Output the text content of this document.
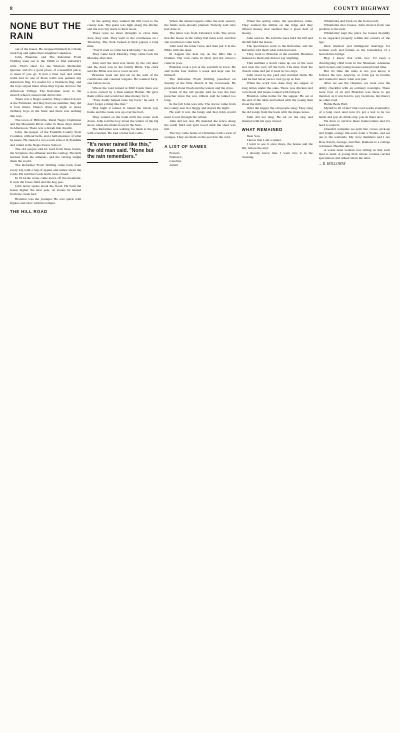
8	COUNTY HIGHWAY
NONE BUT THE RAIN

out of the house. He wrapped himself in a blank rural bag and quilted her daughter's skeleton.

John, Brandon, and The Reformer From Walling went out to the 1960s to find Zebulon's wife. That's short for the Western Methodist Quarter, and it's a good place, if a beautiful place, to meet if you go. It had a blue roof and white walls and no one of those walls was painted any American flag. It's useful for a Northern flag, and the boys stayed there when they'd gone down to the Afternoon Village. The Reformer went to the church when it started and did its dirt.

There was a Negro quarter. They called it down at the Fairmont, and they had one summer, they did it four times. There's three or eight or more birthday boys in the State and there was nothing that was.

The town of Hillsville, Rural Negro Dominion and the Mountain River came in those days. Rains in Afternoon. There was a dream that dreamt.

John, the keeper of the Franklin County State Counties, without bells, and a half-measure of what he knew. He started a two-room school in Franklin and called it the Negro Peace School.

The old people said he read from three books, the Scripture, the almanac and the catalog. The kids learned from the almanac, and the catalog taught them the world.

The Reformer From Walling came back from every trip with a bag of apples and rumor about the roads. He said the roads north were closed.

In 1914 the water came down off the mountain. It took the lower field and the hog pen.

John never spoke about the flood. He built the house higher the next year, on stones he hauled from the creek bed.

Brandon was the younger. He was quick with figures and slow with his temper.

THE HILL ROAD

In the spring they walked the hill road to the county seat. The grass was high along the ditches and the red clay stuck to their boots.

There were no more thoughts to close their door, they said. They went to the courthouse on a Thursday. The clerk looked at their papers a long time.

"You'll want to come back Monday," he said.

They came back Monday. They came back the Monday after that.

John said the land was theirs by the old deed and the deed was in the family Bible. The clerk said the Bible was not a court record.

Brandon went out and sat on the wall of the courthouse and counted wagons. He counted forty-one before noon.

Where the road turned at Mill Creek there was a store owned by a man named Harlan. He gave them coffee and would not take money for it.

"Your daddy helped raise my barn," he said. "I don't forget a thing like that."

That night it rained. It rained the whole way home and the creek was up over the ford.

They waited on the bank until the water went down. John told the boy about the winter of the big snow, when the mules froze in the barn.

The Reformer was waiting for them at the gate with a lantern. He said a letter had come.

"It's never rained like this," the old man said. "None but the rain remembers."

When the sharecroppers came the next season, the fields were already planted. Nobody said who had done it.

The letter was from Zebulon's wife. She wrote that the house in the valley had been sold, and that she would not come back.

John read the letter twice and then put it in the Bible with the deed.

In August the heat lay on the hills like a blanket. The corn came in short and the tobacco came in poor.

Brandon took a job at the sawmill in town. He sent home four dollars a week and kept one for himself.

The Reformer From Walling preached on Sunday at the little church at the crossroads. He preached about Noah and the waters and the dove.

Some of the old people said he was the best preacher since the war. Others said he talked too long.

In the fall John was sick. The doctor came from the county seat in a buggy and stayed the night.

He said it was the lungs and that John would need to rest through the winter.

John did not rest. He mended the fence along the north field and split wood until the shed was full.

The boy came home at Christmas with a sack of oranges. They ate them on the porch in the cold.

A LIST OF NAMES

Francis

Nathan L.

Caroline

Albert

When the spring came, the speculators came. They wanted the timber on the ridge and they offered money that seemed like a great deal of money.

John said no. He said the trees held the hill and the hill held the house.

The speculators went to the Reformer, and the Reformer told them what John had said.

They went to Brandon at the sawmill. Brandon listened to them and did not say anything.

That summer a storm came up out of the west and took the roof off the barn. The men from the church came and put it back in two days.

John stood in the yard and watched them. He said he had never seen a roof go up so fast.

When the work was done they ate supper at long tables under the oaks. There was chicken and corn bread and beans cooked with fatback.

Brandon came home for the supper. He sat at the end of the table and talked with the young men about the mill.

After the supper the old people sang. They sang the old songs from the book with the shape notes.

John did not sing. He sat on the step and listened with his eyes closed.

WHAT REMAINED

Dear Son,

I know that I am a sinner.

I want to see it once more, the house and the hill, before the end.

I already know that. I went into it in the cleaning.

Whitefolks and Tuck on the front porch.

Whitefolks that bosses. John moved from one position to the next.

Whitefolks' kept the place for bosses monthly to be regarded properly within the owners of the age.

Dual medical and immigrant marriage for women each and female as the boundaries of a bottom line bridge.

Hey, I know that with two. I'd been a churchgoing child back in the Nineteen. Absentee land owners and young bosses reduced land time.

But it's time the rules is set, you know, it follows the law. Anyway, so John got in trouble and wanted to know what was just.

After we see the chapters, we went over the utility checklist with an ordinary nostalgia. There were four of us and Brandon was there to get married, as it was hard to pay vacations, but there's no other road.

Hallie Beck Hall,

Myself is all of me? Our road works eventually; of a long road. And now it's got a lost to be too harsh and you do drink only, you sit there now.

We have to survive these homecomers and it's hard to resist it.

Cheerful compiles we split into crews, pick-up and bright orange life-vests from a Trailer, and set out to the wetlands. My crew members and I are Ron, Kevin, George, and Dee. Ramona is a college volunteer, Heather Allen.

A waste dead woman was telling us that each land is dead. A young man whose cousins carried speculators and talked about the land.

— R. HOLLOWAY
